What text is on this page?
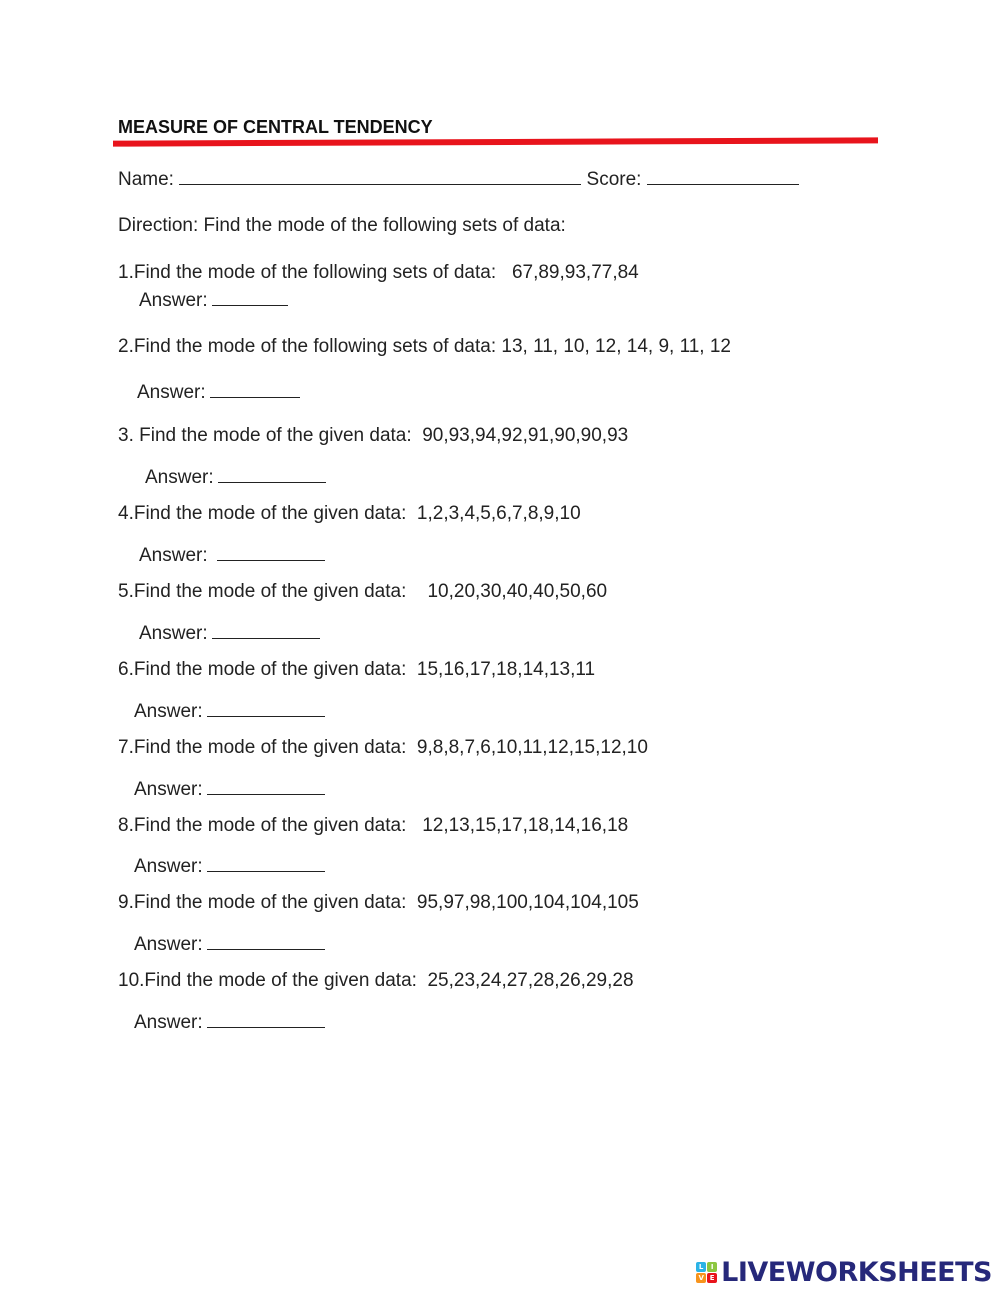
MEASURE OF CENTRAL TENDENCY
Name:	Score:
Direction: Find the mode of the following sets of data:
1.Find the mode of the following sets of data:   67,89,93,77,84
Answer:
2.Find the mode of the following sets of data: 13, 11, 10, 12, 14, 9, 11, 12
Answer:
3. Find the mode of the given data:  90,93,94,92,91,90,90,93
Answer:
4.Find the mode of the given data:  1,2,3,4,5,6,7,8,9,10
Answer:
5.Find the mode of the given data:    10,20,30,40,40,50,60
Answer:
6.Find the mode of the given data:  15,16,17,18,14,13,11
Answer:
7.Find the mode of the given data:  9,8,8,7,6,10,11,12,15,12,10
Answer:
8.Find the mode of the given data:   12,13,15,17,18,14,16,18
Answer:
9.Find the mode of the given data:  95,97,98,100,104,104,105
Answer:
10.Find the mode of the given data:  25,23,24,27,28,26,29,28
Answer:
L	I
V E LIVEWORKSHEETS
